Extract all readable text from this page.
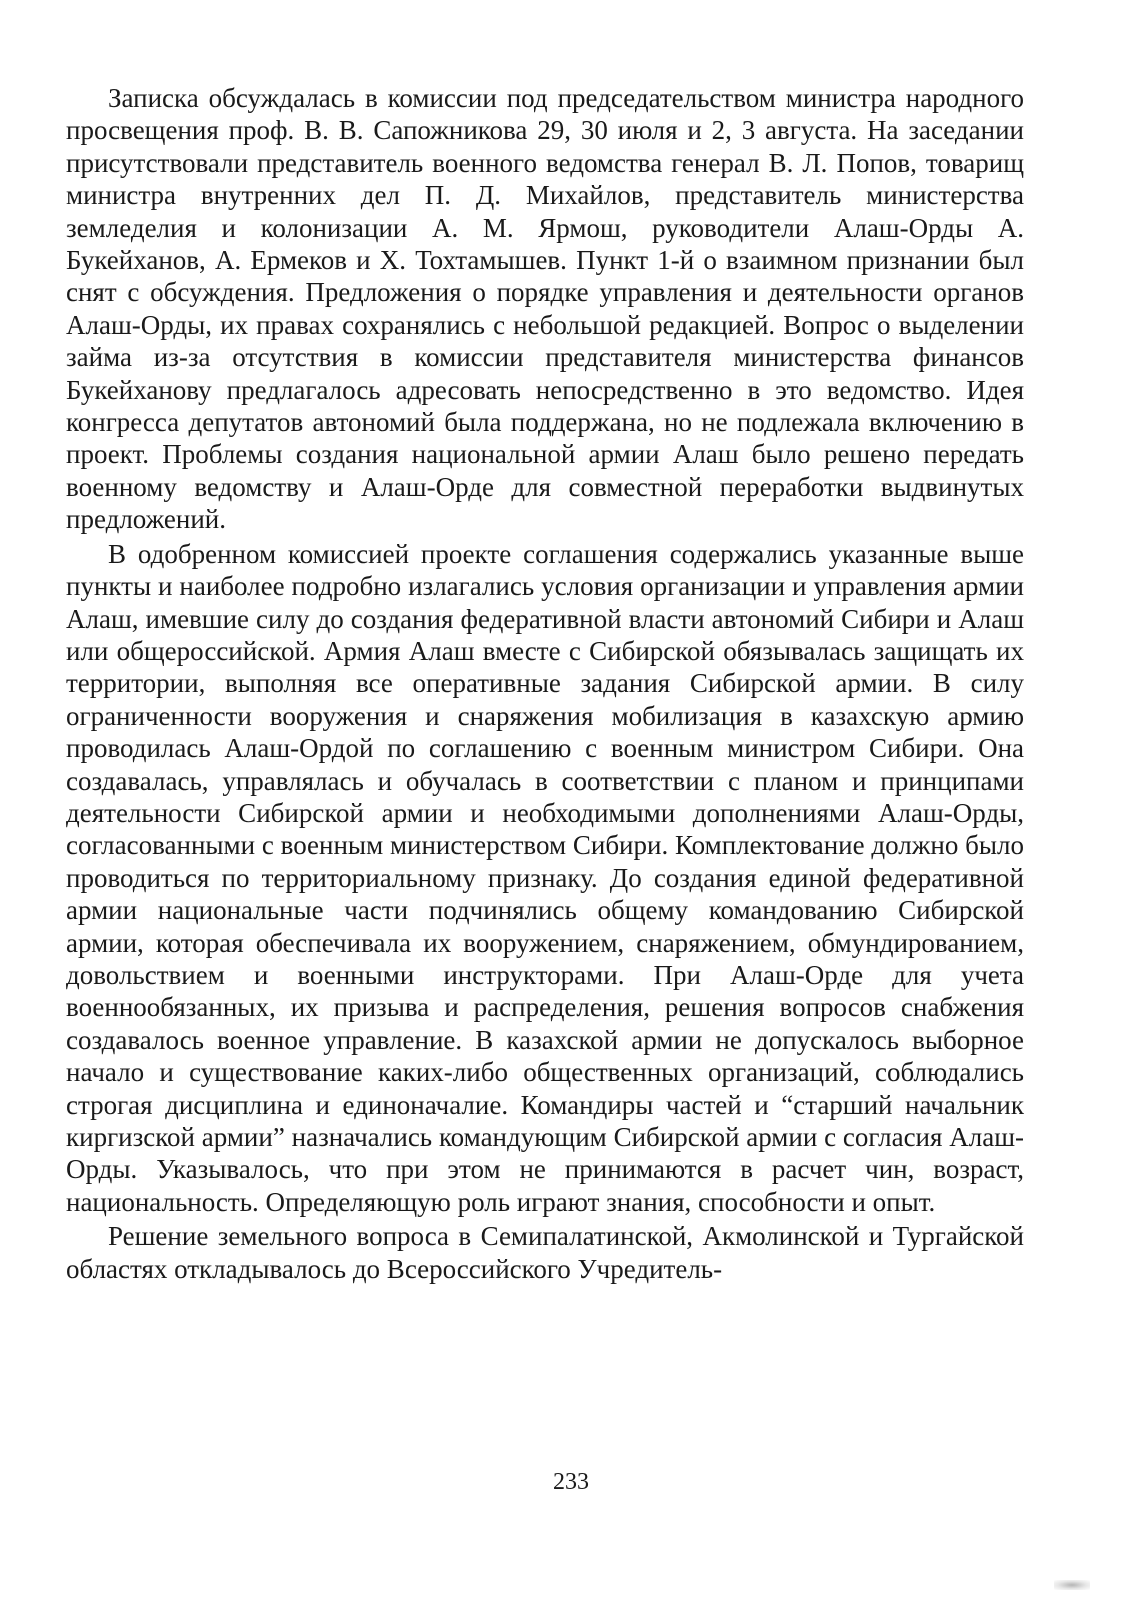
Записка обсуждалась в комиссии под председательством министра народного просвещения проф. В. В. Сапожникова 29, 30 июля и 2, 3 августа. На заседании присутствовали представитель военного ведомства генерал В. Л. Попов, товарищ министра внутренних дел П. Д. Михайлов, представитель министерства земледелия и колонизации А. М. Ярмош, руководители Алаш-Орды А. Букейханов, А. Ермеков и Х. Тохтамышев. Пункт 1-й о взаимном признании был снят с обсуждения. Предложения о порядке управления и деятельности органов Алаш-Орды, их правах сохранялись с небольшой редакцией. Вопрос о выделении займа из-за отсутствия в комиссии представителя министерства финансов Букейханову предлагалось адресовать непосредственно в это ведомство. Идея конгресса депутатов автономий была поддержана, но не подлежала включению в проект. Проблемы создания национальной армии Алаш было решено передать военному ведомству и Алаш-Орде для совместной переработки выдвинутых предложений.

В одобренном комиссией проекте соглашения содержались указанные выше пункты и наиболее подробно излагались условия организации и управления армии Алаш, имевшие силу до создания федеративной власти автономий Сибири и Алаш или общероссийской. Армия Алаш вместе с Сибирской обязывалась защищать их территории, выполняя все оперативные задания Сибирской армии. В силу ограниченности вооружения и снаряжения мобилизация в казахскую армию проводилась Алаш-Ордой по соглашению с военным министром Сибири. Она создавалась, управлялась и обучалась в соответствии с планом и принципами деятельности Сибирской армии и необходимыми дополнениями Алаш-Орды, согласованными с военным министерством Сибири. Комплектование должно было проводиться по территориальному признаку. До создания единой федеративной армии национальные части подчинялись общему командованию Сибирской армии, которая обеспечивала их вооружением, снаряжением, обмундированием, довольствием и военными инструкторами. При Алаш-Орде для учета военнообязанных, их призыва и распределения, решения вопросов снабжения создавалось военное управление. В казахской армии не допускалось выборное начало и существование каких-либо общественных организаций, соблюдались строгая дисциплина и единоначалие. Командиры частей и “старший начальник киргизской армии” назначались командующим Сибирской армии с согласия Алаш-Орды. Указывалось, что при этом не принимаются в расчет чин, возраст, национальность. Определяющую роль играют знания, способности и опыт.

Решение земельного вопроса в Семипалатинской, Акмолинской и Тургайской областях откладывалось до Всероссийского Учредитель-

233
